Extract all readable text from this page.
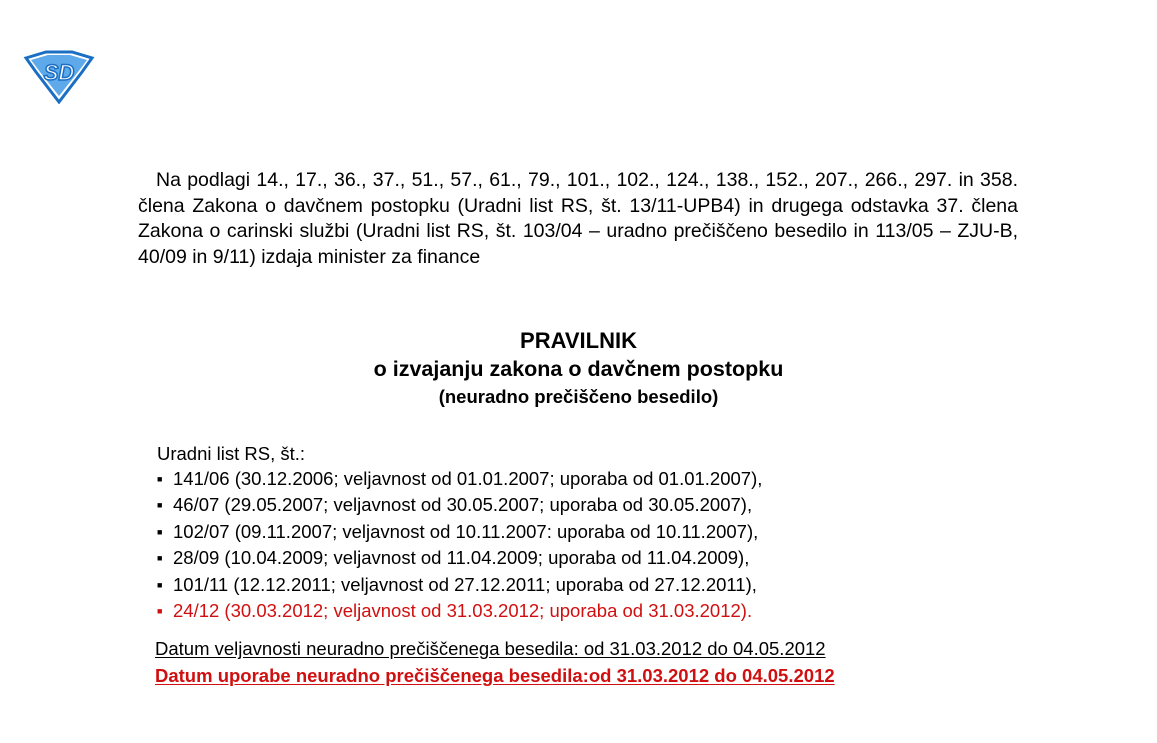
SD

Na podlagi 14., 17., 36., 37., 51., 57., 61., 79., 101., 102., 124., 138., 152., 207., 266., 297. in 358. člena Zakona o davčnem postopku (Uradni list RS, št. 13/11-UPB4) in drugega odstavka 37. člena Zakona o carinski službi (Uradni list RS, št. 103/04 – uradno prečiščeno besedilo in 113/05 – ZJU-B, 40/09 in 9/11) izdaja minister za finance

PRAVILNIK
o izvajanju zakona o davčnem postopku
(neuradno prečiščeno besedilo)
Uradni list RS, št.:
■ 141/06 (30.12.2006; veljavnost od 01.01.2007; uporaba od 01.01.2007),
■ 46/07 (29.05.2007; veljavnost od 30.05.2007; uporaba od 30.05.2007),
■ 102/07 (09.11.2007; veljavnost od 10.11.2007: uporaba od 10.11.2007),
■ 28/09 (10.04.2009; veljavnost od 11.04.2009; uporaba od 11.04.2009),
■ 101/11 (12.12.2011; veljavnost od 27.12.2011; uporaba od 27.12.2011),
■ 24/12 (30.03.2012; veljavnost od 31.03.2012; uporaba od 31.03.2012).
Datum veljavnosti neuradno prečiščenega besedila: od 31.03.2012 do 04.05.2012
Datum uporabe neuradno prečiščenega besedila:od 31.03.2012 do 04.05.2012
